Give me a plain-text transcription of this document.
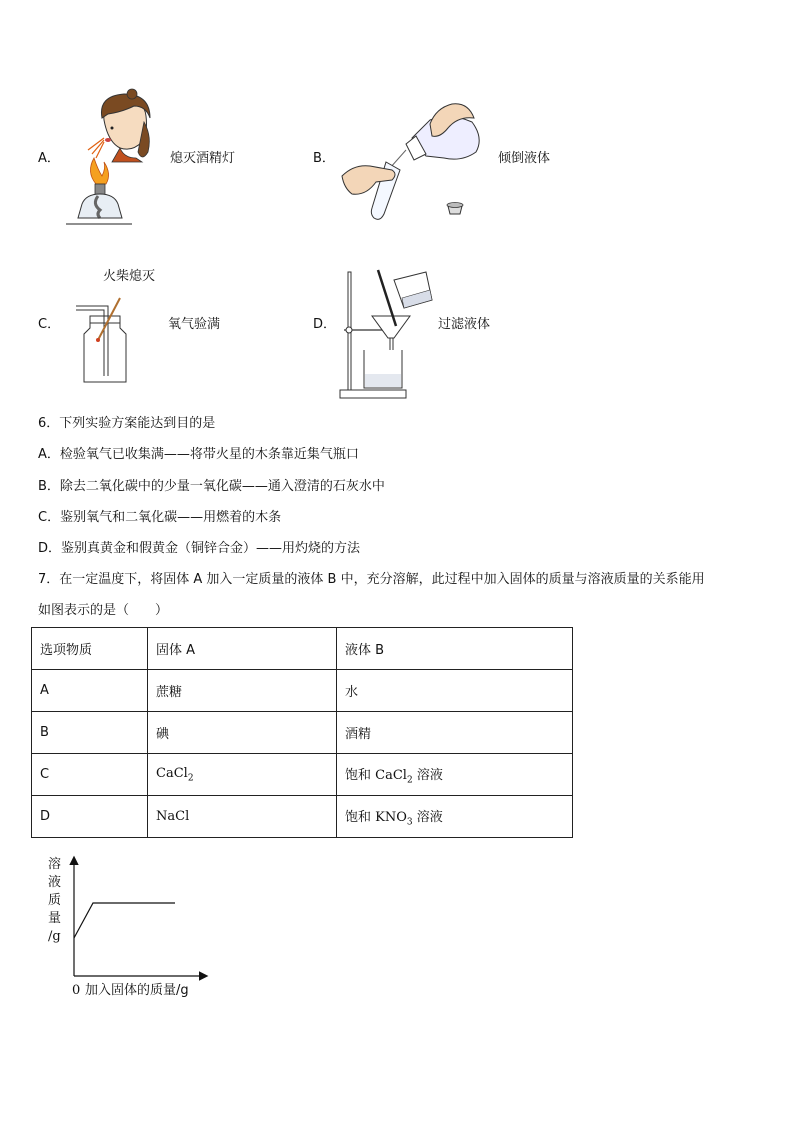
A．	熄灭酒精灯	B．	倾倒液体
火柴熄灭
C．	氧气验满	D．	过滤液体
6．下列实验方案能达到目的是
A．检验氧气已收集满——将带火星的木条靠近集气瓶口
B．除去二氧化碳中的少量一氧化碳——通入澄清的石灰水中
C．鉴别氧气和二氧化碳——用燃着的木条
D．鉴别真黄金和假黄金（铜锌合金）——用灼烧的方法
7．在一定温度下，将固体 A 加入一定质量的液体 B 中，充分溶解，此过程中加入固体的质量与溶液质量的关系能用
如图表示的是（　　）
选项物质	固体 A	液体 B
A	蔗糖	水
B	碘	酒精
C	CaCl$_2$	饱和 CaCl$_2$ 溶液
D	NaCl	饱和 $KNO_3$ 溶液
溶
液
质
量
/g
0 加入固体的质量/g
